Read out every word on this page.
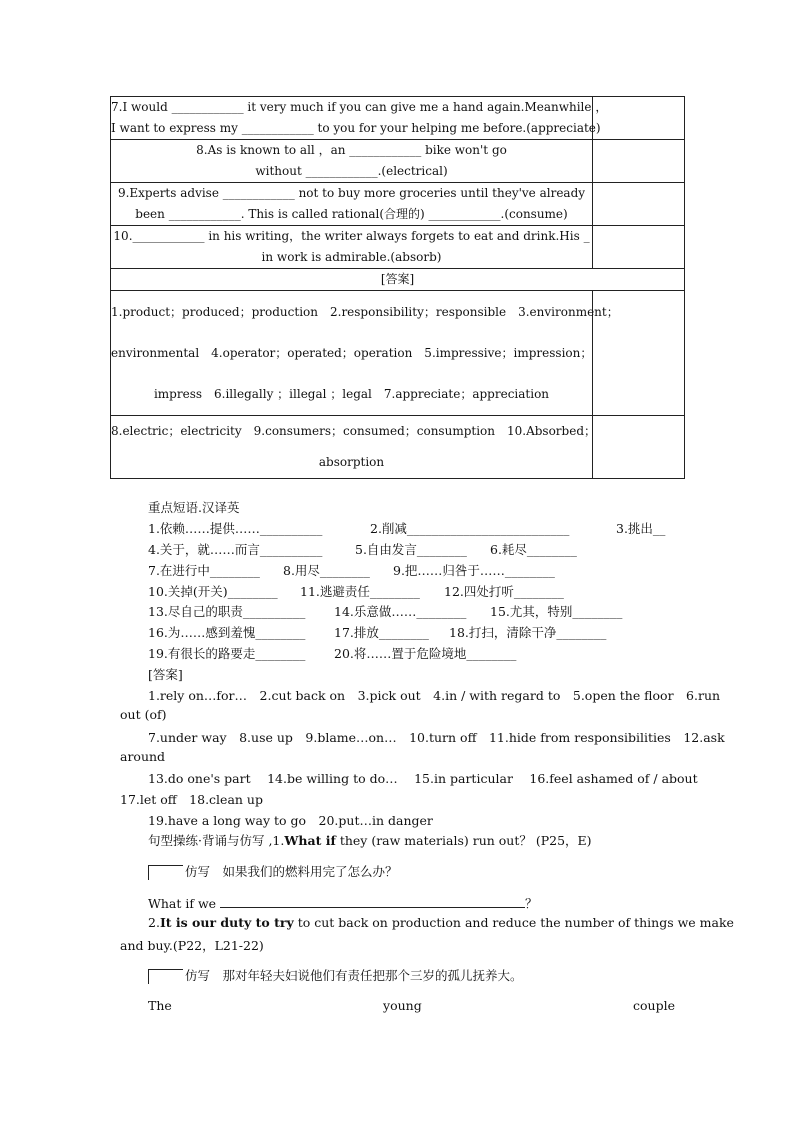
7.I would ____________ it very much if you can give me a hand again.Meanwhile ，
I want to express my ____________ to you for your helping me before.(appreciate)	

8.As is known to all ，an ____________ bike won't go
without ____________.(electrical)	

9.Experts advise ____________ not to buy more groceries until they've already
been ____________. This is called rational(合理的) ____________.(consume)	

10.____________ in his writing，the writer always forgets to eat and drink.His _
in work is admirable.(absorb)	

[答案]	

1.product；produced；production　2.responsibility；responsible　3.environment；
environmental　4.operator；operated；operation　5.impressive；impression；
impress　6.illegally ；illegal ；legal　7.appreciate；appreciation	

8.electric；electricity　9.consumers；consumed；consumption　10.Absorbed；
absorption	

重点短语.汉译英
1.依赖……提供……__________	2.削减__________________________	3.挑出__
4.关于，就……而言__________	5.自由发言________ 6.耗尽________
7.在进行中________ 8.用尽________ 9.把……归咎于……________
10.关掉(开关)________ 11.逃避责任________ 12.四处打听________
13.尽自己的职责__________ 14.乐意做……________ 15.尤其，特别________
16.为……感到羞愧________ 17.排放________ 18.打扫，清除干净________
19.有很长的路要走________ 20.将……置于危险境地________
[答案]
1.rely on…for…　2.cut back on　3.pick out　4.in / with regard to　5.open the floor　6.run
out (of)
7.under way　8.use up　9.blame…on…　10.turn off　11.hide from responsibilities　12.ask
around
13.do one's part　 14.be willing to do…　 15.in particular　 16.feel ashamed of / about
17.let off　18.clean up
19.have a long way to go　20.put…in danger
句型操练·背诵与仿写 ,1.What if they (raw materials) run out？ (P25，E)
仿写　 如果我们的燃料用完了怎么办？
What if we	？
2.It is our duty to try to cut back on production and reduce the number of things we make
and buy.(P22，L21-22)
仿写　 那对年轻夫妇说他们有责任把那个三岁的孤儿抚养大。
The	young	couple
